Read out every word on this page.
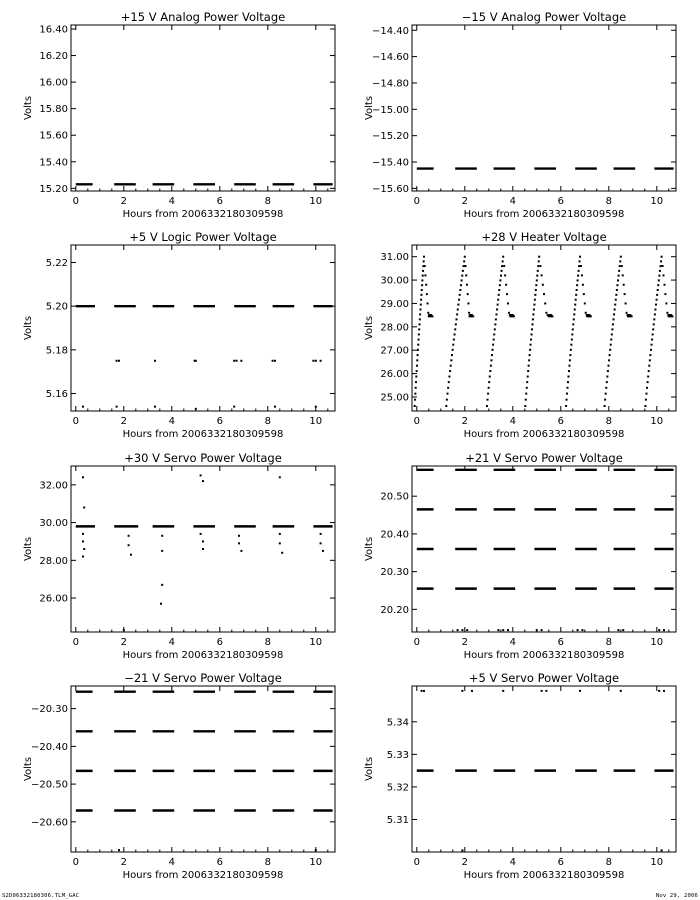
+15 V Analog Power Voltage
0	2	4	6	8	10
15.20
15.40
15.60
15.80
16.00
16.20
16.40
Hours from 2006332180309598
Volts
−15 V Analog Power Voltage
0	2	4	6	8	10
−15.60
−15.40
−15.20
−15.00
−14.80
−14.60
−14.40
Hours from 2006332180309598
Volts
+5 V Logic Power Voltage
0	2	4	6	8	10
5.16
5.18
5.20
5.22
Hours from 2006332180309598
Volts
+28 V Heater Voltage
0	2	4	6	8	10
25.00
26.00
27.00
28.00
29.00
30.00
31.00
Hours from 2006332180309598
Volts
+30 V Servo Power Voltage
0	2	4	6	8	10
26.00
28.00
30.00
32.00
Hours from 2006332180309598
Volts
+21 V Servo Power Voltage
0	2	4	6	8	10
20.20
20.30
20.40
20.50
Hours from 2006332180309598
Volts
−21 V Servo Power Voltage
0	2	4	6	8	10
−20.60
−20.50
−20.40
−20.30
Hours from 2006332180309598
Volts
+5 V Servo Power Voltage
0	2	4	6	8	10
5.31
5.32
5.33
5.34
Hours from 2006332180309598
Volts
S2D06332180306.TLM_GAC	Nov 29, 2006
